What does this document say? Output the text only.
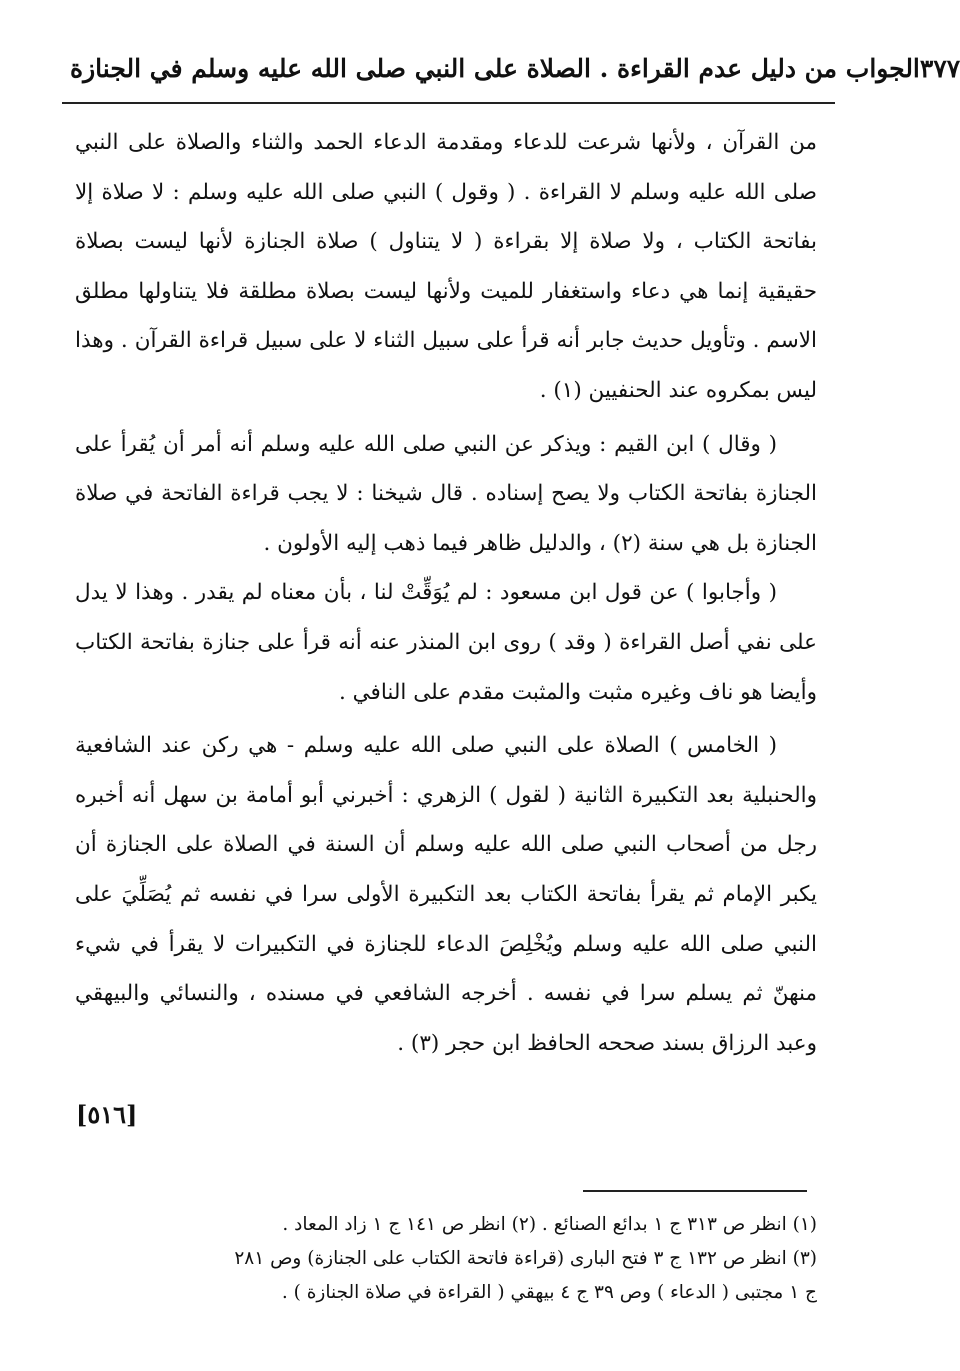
الجواب من دليل عدم القراءة . الصلاة على النبي صلى الله عليه وسلم في الجنازة ٣٧٧

من القرآن ، ولأنها شرعت للدعاء ومقدمة الدعاء الحمد والثناء والصلاة على النبي صلى الله عليه وسلم لا القراءة . ( وقول ) النبي صلى الله عليه وسلم : لا صلاة إلا بفاتحة الكتاب ، ولا صلاة إلا بقراءة ( لا يتناول ) صلاة الجنازة لأنها ليست بصلاة حقيقية إنما هي دعاء واستغفار للميت ولأنها ليست بصلاة مطلقة فلا يتناولها مطلق الاسم . وتأويل حديث جابر أنه قرأ على سبيل الثناء لا على سبيل قراءة القرآن . وهذا ليس بمكروه عند الحنفيين (١) .

( وقال ) ابن القيم : ويذكر عن النبي صلى الله عليه وسلم أنه أمر أن يُقرأ على الجنازة بفاتحة الكتاب ولا يصح إسناده . قال شيخنا : لا يجب قراءة الفاتحة في صلاة الجنازة بل هي سنة (٢) ، والدليل ظاهر فيما ذهب إليه الأولون .

( وأجابوا ) عن قول ابن مسعود : لم يُوَقِّتْ لنا ، بأن معناه لم يقدر . وهذا لا يدل على نفي أصل القراءة ( وقد ) روى ابن المنذر عنه أنه قرأ على جنازة بفاتحة الكتاب وأيضا هو ناف وغيره مثبت والمثبت مقدم على النافي .

( الخامس ) الصلاة على النبي صلى الله عليه وسلم - هي ركن عند الشافعية والحنبلية بعد التكبيرة الثانية ( لقول ) الزهري : أخبرني أبو أمامة بن سهل أنه أخبره رجل من أصحاب النبي صلى الله عليه وسلم أن السنة في الصلاة على الجنازة أن يكبر الإمام ثم يقرأ بفاتحة الكتاب بعد التكبيرة الأولى سرا في نفسه ثم يُصَلِّيَ على النبي صلى الله عليه وسلم ويُخْلِصَ الدعاء للجنازة في التكبيرات لا يقرأ في شيء منهنّ ثم يسلم سرا في نفسه . أخرجه الشافعي في مسنده ، والنسائي والبيهقي وعبد الرزاق بسند صححه الحافظ ابن حجر (٣) .

[٥١٦]

(١) انظر ص ٣١٣ ج ١ بدائع الصنائع . (٢) انظر ص ١٤١ ج ١ زاد المعاد .

(٣) انظر ص ١٣٢ ج ٣ فتح البارى (قراءة فاتحة الكتاب على الجنازة) وص ٢٨١

ج ١ مجتبى ( الدعاء ) وص ٣٩ ج ٤ بيهقي ( القراءة في صلاة الجنازة ) .
